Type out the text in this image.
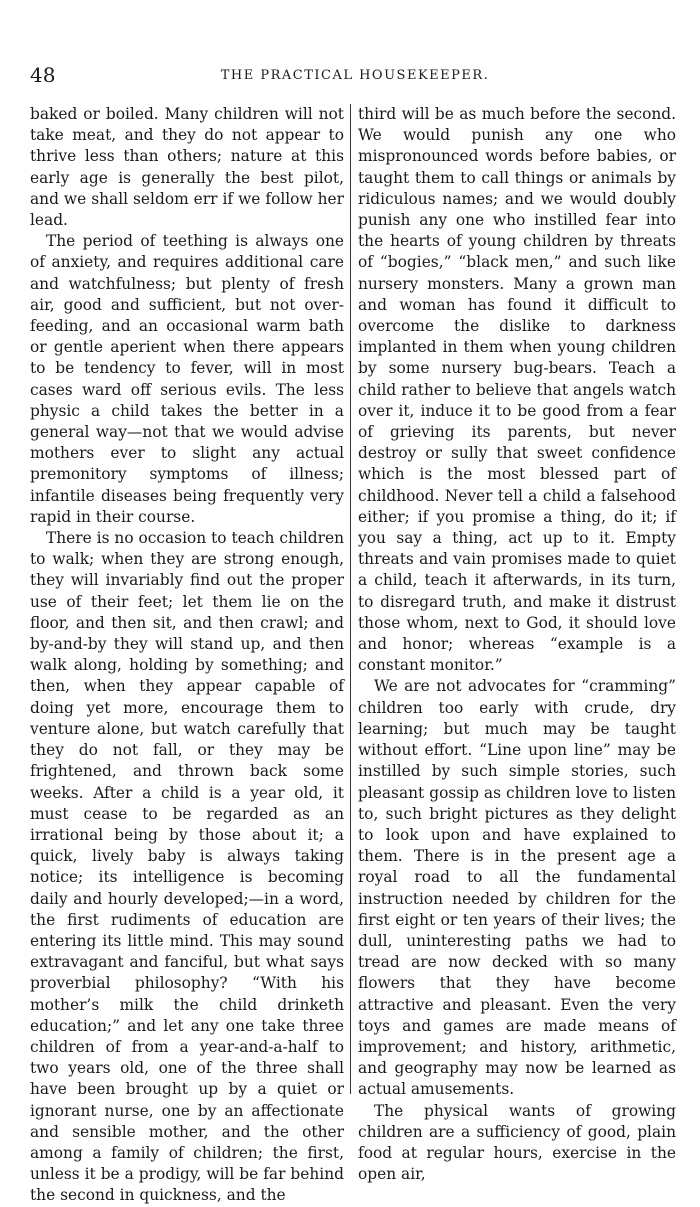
48	THE PRACTICAL HOUSEKEEPER.

baked or boiled. Many children will not take meat, and they do not appear to thrive less than others; nature at this early age is generally the best pilot, and we shall seldom err if we follow her lead.

The period of teething is always one of anxiety, and requires additional care and watchfulness; but plenty of fresh air, good and sufficient, but not over-feeding, and an occasional warm bath or gentle aperient when there appears to be tendency to fever, will in most cases ward off serious evils. The less physic a child takes the better in a general way—not that we would advise mothers ever to slight any actual premonitory symptoms of illness; infantile diseases being frequently very rapid in their course.

There is no occasion to teach children to walk; when they are strong enough, they will invariably find out the proper use of their feet; let them lie on the floor, and then sit, and then crawl; and by-and-by they will stand up, and then walk along, holding by something; and then, when they appear capable of doing yet more, encourage them to venture alone, but watch carefully that they do not fall, or they may be frightened, and thrown back some weeks. After a child is a year old, it must cease to be regarded as an irrational being by those about it; a quick, lively baby is always taking notice; its intelligence is becoming daily and hourly developed;—in a word, the first rudiments of education are entering its little mind. This may sound extravagant and fanciful, but what says proverbial philosophy? “With his mother’s milk the child drinketh education;” and let any one take three children of from a year-and-a-half to two years old, one of the three shall have been brought up by a quiet or ignorant nurse, one by an affectionate and sensible mother, and the other among a family of children; the first, unless it be a prodigy, will be far behind the second in quickness, and the

third will be as much before the second. We would punish any one who mispronounced words before babies, or taught them to call things or animals by ridiculous names; and we would doubly punish any one who instilled fear into the hearts of young children by threats of “bogies,” “black men,” and such like nursery monsters. Many a grown man and woman has found it difficult to overcome the dislike to darkness implanted in them when young children by some nursery bug-bears. Teach a child rather to believe that angels watch over it, induce it to be good from a fear of grieving its parents, but never destroy or sully that sweet confidence which is the most blessed part of childhood. Never tell a child a falsehood either; if you promise a thing, do it; if you say a thing, act up to it. Empty threats and vain promises made to quiet a child, teach it afterwards, in its turn, to disregard truth, and make it distrust those whom, next to God, it should love and honor; whereas “example is a constant monitor.”

We are not advocates for “cramming” children too early with crude, dry learning; but much may be taught without effort. “Line upon line” may be instilled by such simple stories, such pleasant gossip as children love to listen to, such bright pictures as they delight to look upon and have explained to them. There is in the present age a royal road to all the fundamental instruction needed by children for the first eight or ten years of their lives; the dull, uninteresting paths we had to tread are now decked with so many flowers that they have become attractive and pleasant. Even the very toys and games are made means of improvement; and history, arithmetic, and geography may now be learned as actual amusements.

The physical wants of growing children are a sufficiency of good, plain food at regular hours, exercise in the open air,
